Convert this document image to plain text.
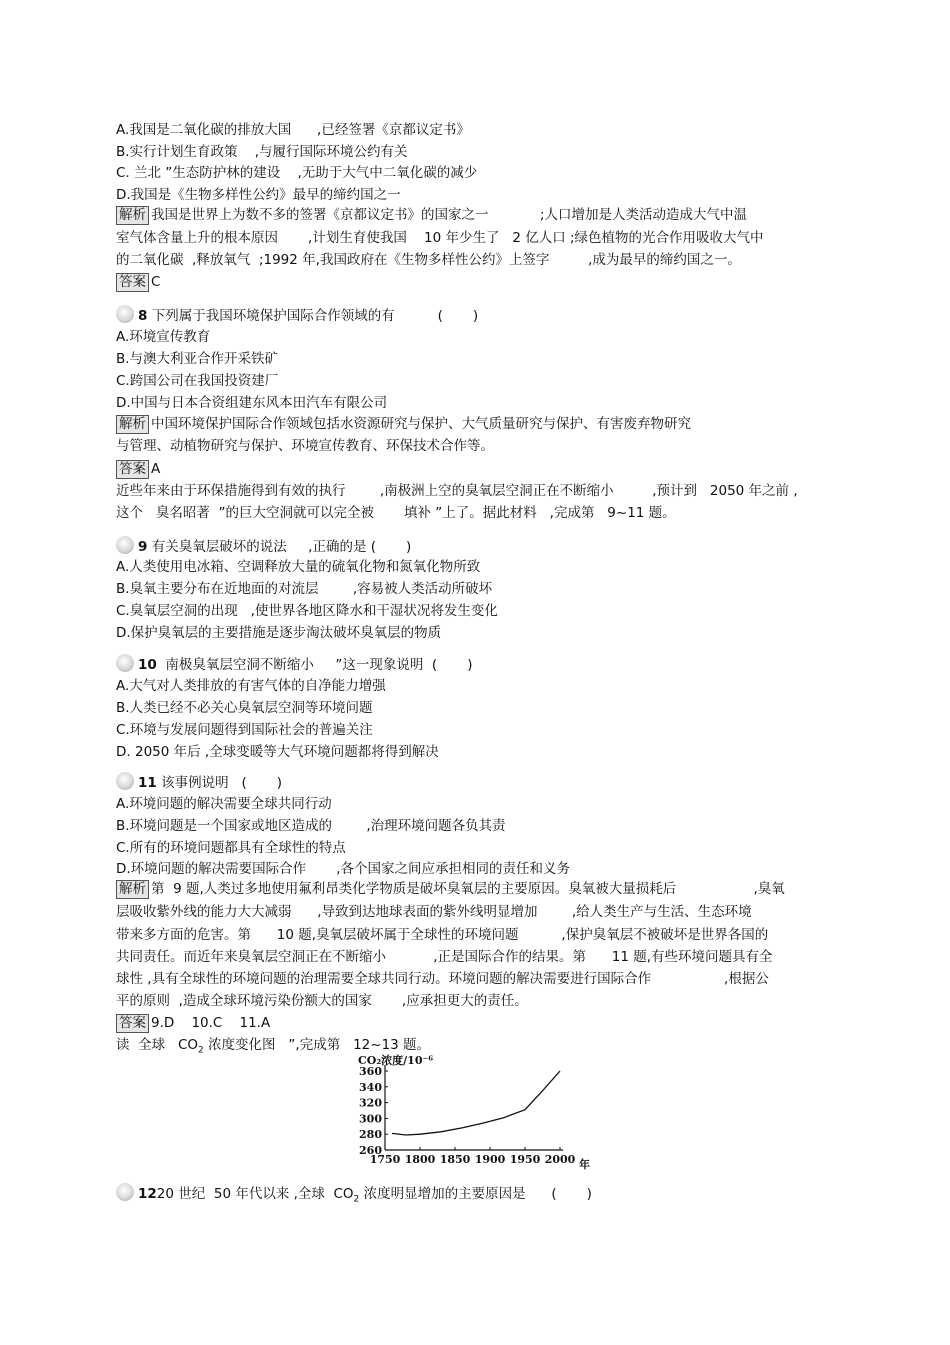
A.我国是二氧化碳的排放大国      ,已经签署《京都议定书》
B.实行计划生育政策    ,与履行国际环境公约有关
C. 兰北 ”生态防护林的建设    ,无助于大气中二氧化碳的减少
D.我国是《生物多样性公约》最早的缔约国之一
解析 我国是世界上为数不多的签署《京都议定书》的国家之一            ;人口增加是人类活动造成大气中温
室气体含量上升的根本原因       ,计划生育使我国    10 年少生了   2 亿人口 ;绿色植物的光合作用吸收大气中
的二氧化碳  ,释放氧气  ;1992 年,我国政府在《生物多样性公约》上签字         ,成为最早的缔约国之一。
答案 C
8 下列属于我国环境保护国际合作领域的有          (       )
A.环境宣传教育
B.与澳大利亚合作开采铁矿
C.跨国公司在我国投资建厂
D.中国与日本合资组建东风本田汽车有限公司
解析 中国环境保护国际合作领域包括水资源研究与保护、大气质量研究与保护、有害废弃物研究
与管理、动植物研究与保护、环境宣传教育、环保技术合作等。
答案 A
近些年来由于环保措施得到有效的执行        ,南极洲上空的臭氧层空洞正在不断缩小         ,预计到   2050 年之前 ,
这个   臭名昭著  ”的巨大空洞就可以完全被       填补 ”上了。据此材料   ,完成第   9~11 题。
9 有关臭氧层破坏的说法     ,正确的是 (       )
A.人类使用电冰箱、空调释放大量的硫氧化物和氮氧化物所致
B.臭氧主要分布在近地面的对流层        ,容易被人类活动所破坏
C.臭氧层空洞的出现   ,使世界各地区降水和干湿状况将发生变化
D.保护臭氧层的主要措施是逐步淘汰破坏臭氧层的物质
10  南极臭氧层空洞不断缩小     ”这一现象说明  (       )
A.大气对人类排放的有害气体的自净能力增强
B.人类已经不必关心臭氧层空洞等环境问题
C.环境与发展问题得到国际社会的普遍关注
D. 2050 年后 ,全球变暖等大气环境问题都将得到解决
11 该事例说明   (       )
A.环境问题的解决需要全球共同行动
B.环境问题是一个国家或地区造成的        ,治理环境问题各负其责
C.所有的环境问题都具有全球性的特点
D.环境问题的解决需要国际合作       ,各个国家之间应承担相同的责任和义务
解析 第  9 题,人类过多地使用氟利昂类化学物质是破坏臭氧层的主要原因。臭氧被大量损耗后                  ,臭氧
层吸收紫外线的能力大大减弱      ,导致到达地球表面的紫外线明显增加        ,给人类生产与生活、生态环境
带来多方面的危害。第      10 题,臭氧层破坏属于全球性的环境问题          ,保护臭氧层不被破坏是世界各国的
共同责任。而近年来臭氧层空洞正在不断缩小           ,正是国际合作的结果。第      11 题,有些环境问题具有全
球性 ,具有全球性的环境问题的治理需要全球共同行动。环境问题的解决需要进行国际合作                 ,根据公
平的原则  ,造成全球环境污染份额大的国家       ,应承担更大的责任。
答案 9.D    10.C    11.A
读  全球   $CO_2$ 浓度变化图   ”,完成第   12~13 题。
CO₂浓度/10⁻⁶
年
360
340
320
300
280
260
1750 1800 1850 1900 1950 2000
1220 世纪  50 年代以来 ,全球  $CO_2$ 浓度明显增加的主要原因是      (       )
